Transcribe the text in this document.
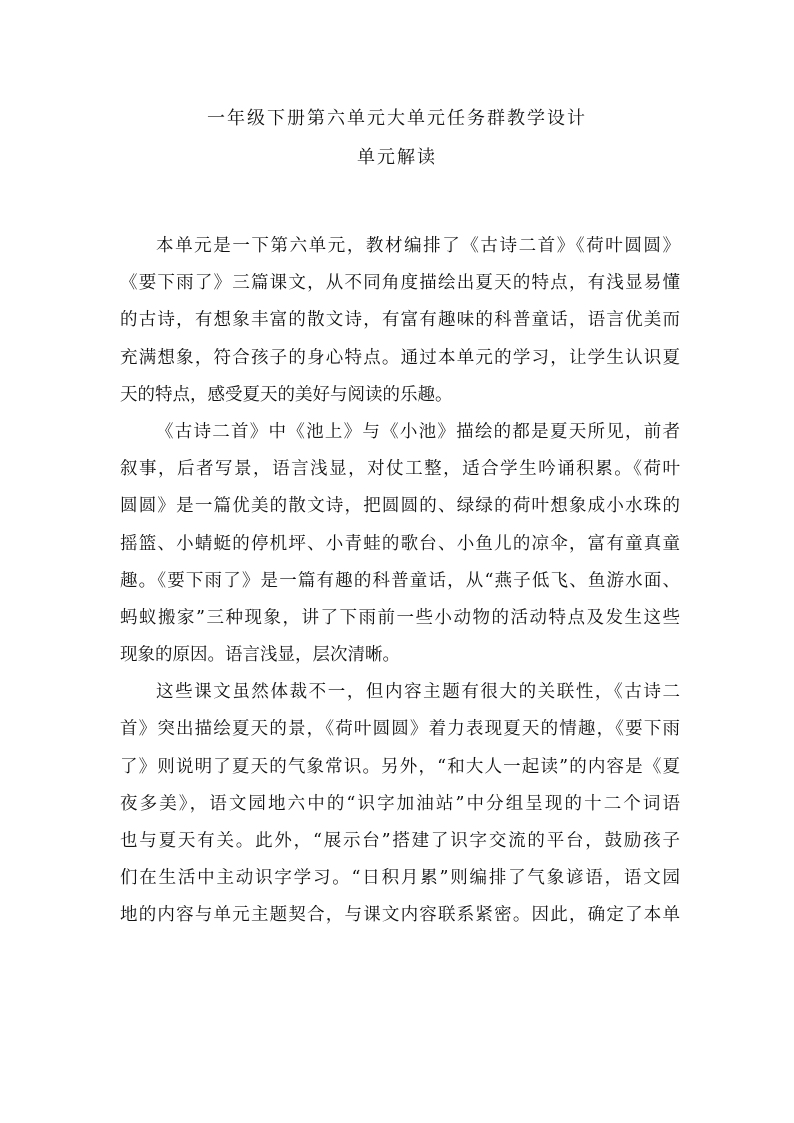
一年级下册第六单元大单元任务群教学设计
单元解读
本单元是一下第六单元，教材编排了《古诗二首》《荷叶圆圆》
《要下雨了》三篇课文，从不同角度描绘出夏天的特点，有浅显易懂
的古诗，有想象丰富的散文诗，有富有趣味的科普童话，语言优美而
充满想象，符合孩子的身心特点。通过本单元的学习，让学生认识夏
天的特点，感受夏天的美好与阅读的乐趣。
《古诗二首》中《池上》与《小池》描绘的都是夏天所见，前者
叙事，后者写景，语言浅显，对仗工整，适合学生吟诵积累。《荷叶
圆圆》是一篇优美的散文诗，把圆圆的、绿绿的荷叶想象成小水珠的
摇篮、小蜻蜓的停机坪、小青蛙的歌台、小鱼儿的凉伞，富有童真童
趣。《要下雨了》是一篇有趣的科普童话，从“燕子低飞、鱼游水面、
蚂蚁搬家”三种现象，讲了下雨前一些小动物的活动特点及发生这些
现象的原因。语言浅显，层次清晰。
这些课文虽然体裁不一，但内容主题有很大的关联性，《古诗二
首》突出描绘夏天的景，《荷叶圆圆》着力表现夏天的情趣，《要下雨
了》则说明了夏天的气象常识。另外，“和大人一起读”的内容是《夏
夜多美》，语文园地六中的“识字加油站”中分组呈现的十二个词语
也与夏天有关。此外，“展示台”搭建了识字交流的平台，鼓励孩子
们在生活中主动识字学习。“日积月累”则编排了气象谚语，语文园
地的内容与单元主题契合，与课文内容联系紧密。因此，确定了本单
